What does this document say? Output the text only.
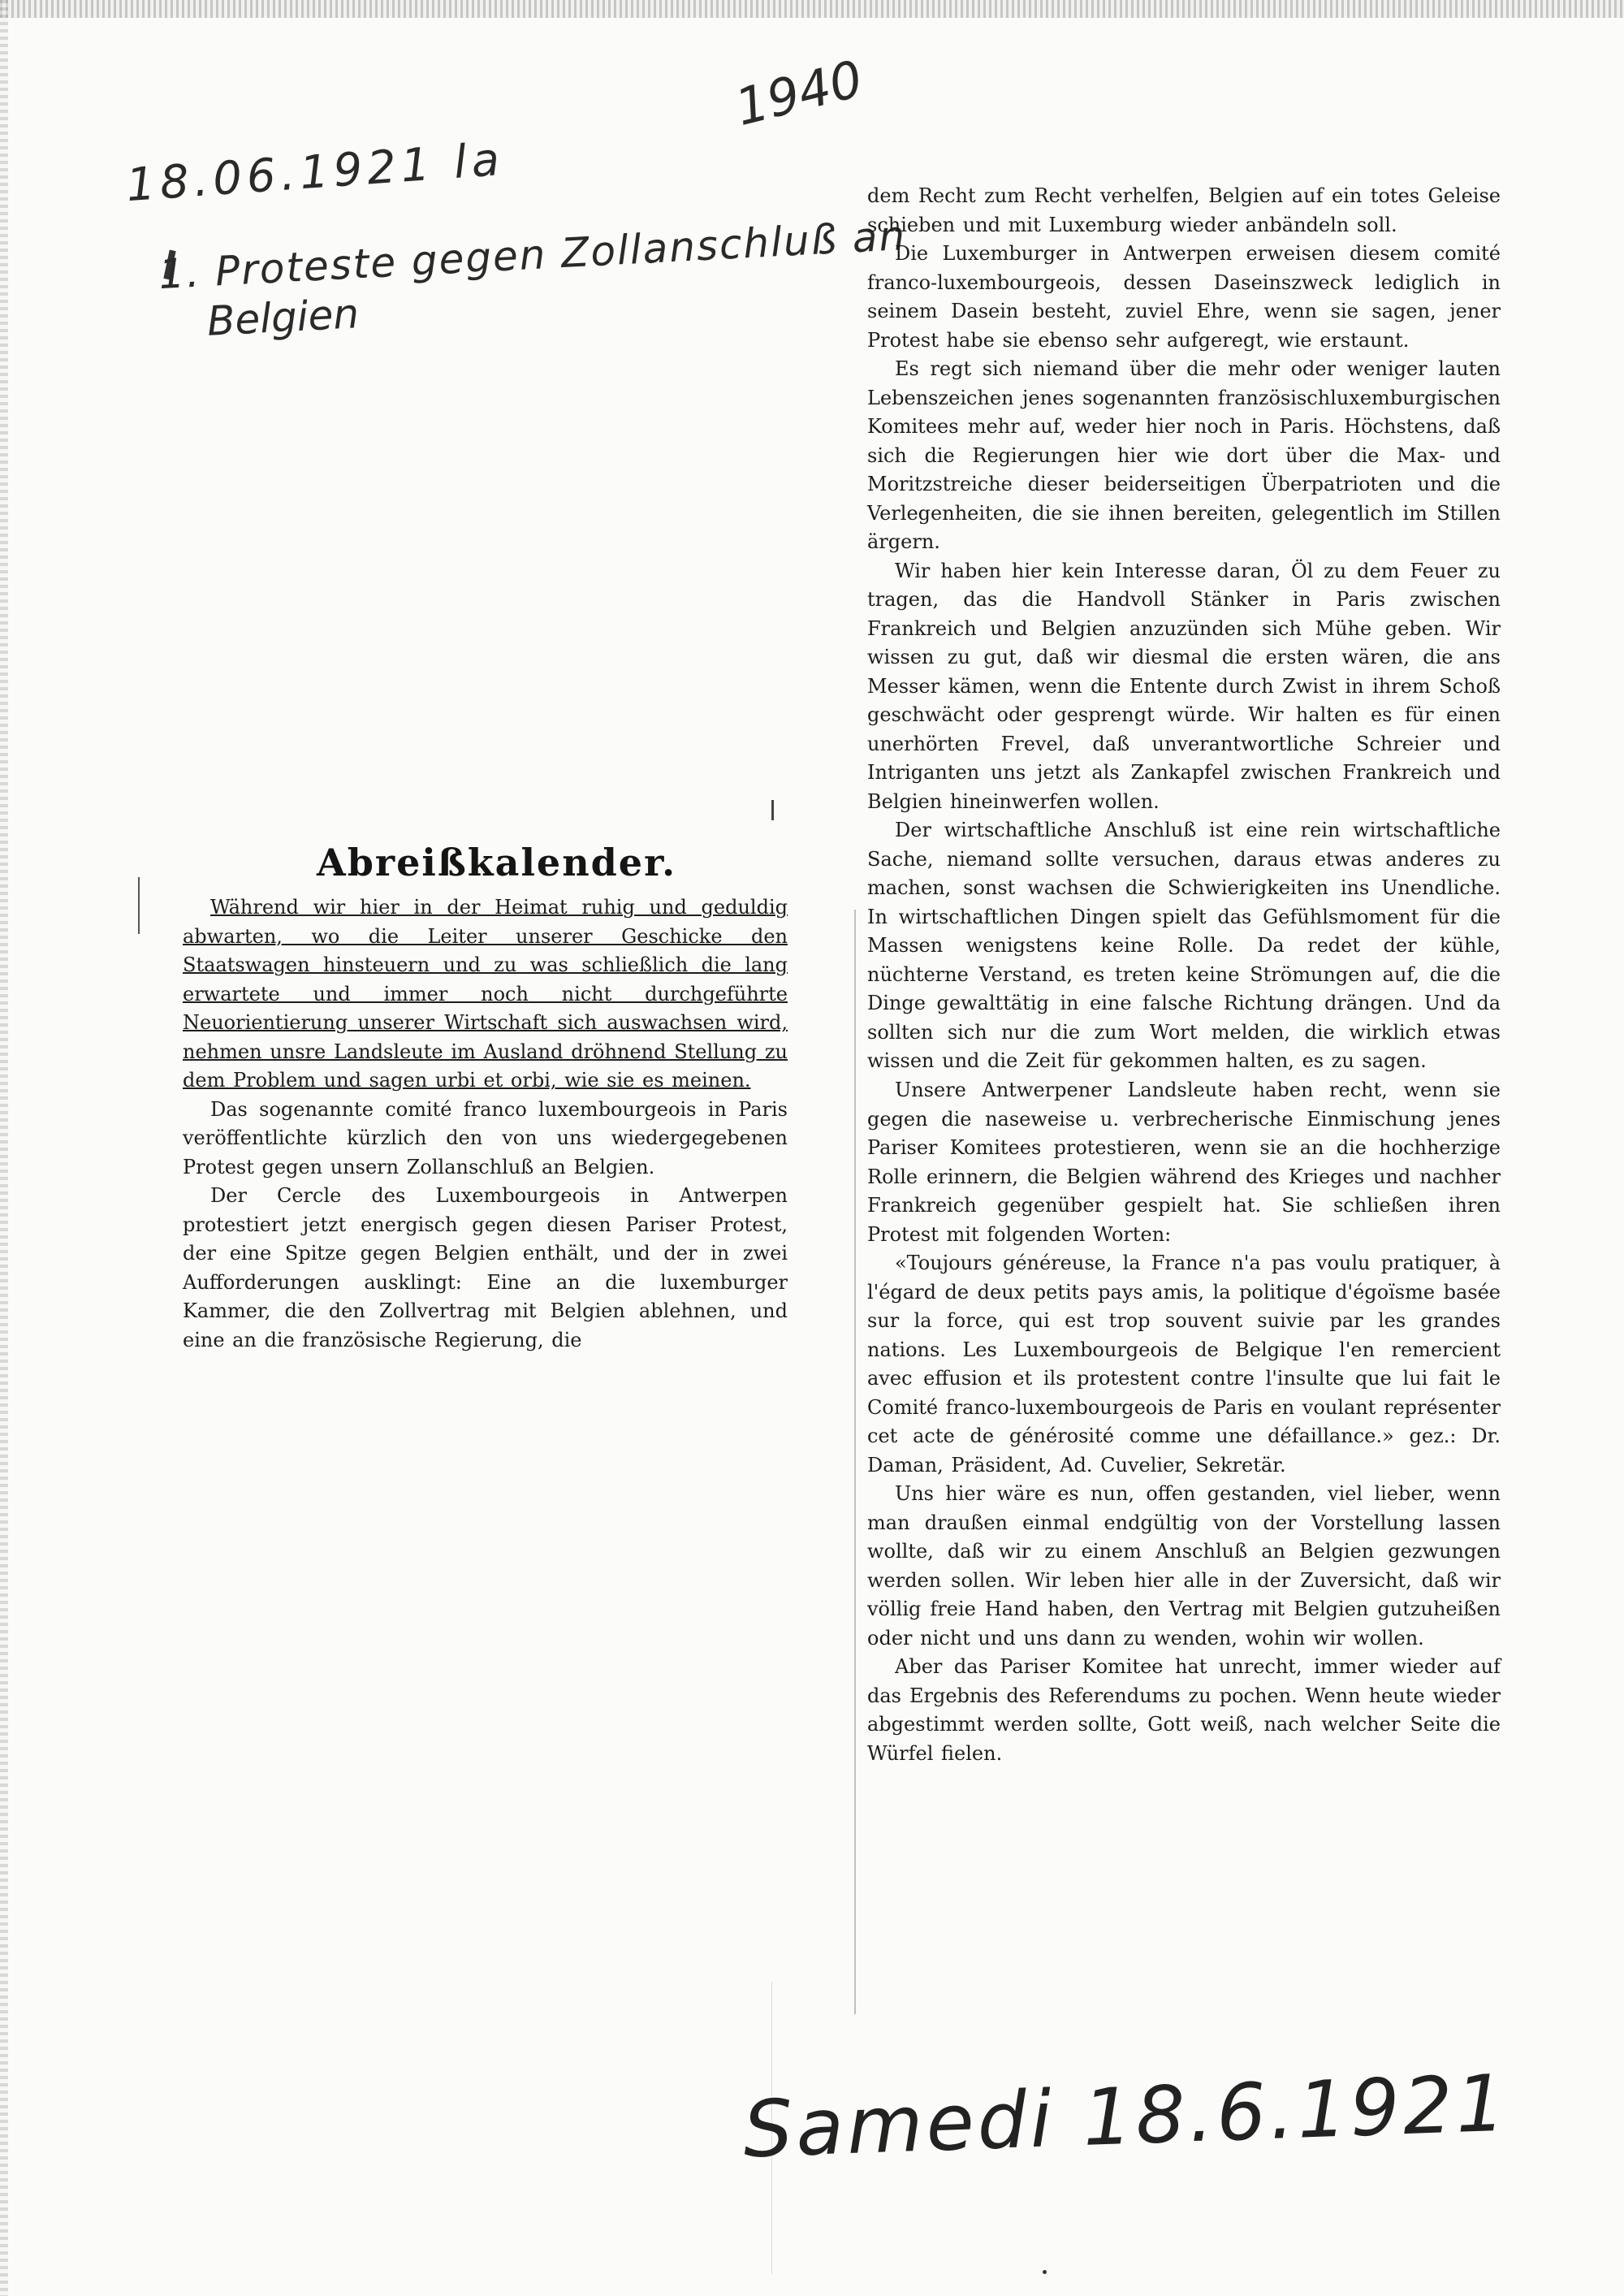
1940
18.06.1921 la
1. Proteste gegen Zollanschluß an
Belgien
Abreißkalender.

Während wir hier in der Heimat ruhig und geduldig abwarten, wo die Leiter unserer Geschicke den Staatswagen hinsteuern und zu was schließlich die lang erwartete und immer noch nicht durchgeführte Neuorientierung unserer Wirtschaft sich auswachsen wird, nehmen unsre Landsleute im Ausland dröhnend Stellung zu dem Problem und sagen urbi et orbi, wie sie es meinen.

Das sogenannte comité franco luxembourgeois in Paris veröffentlichte kürzlich den von uns wiedergegebenen Protest gegen unsern Zollanschluß an Belgien.

Der Cercle des Luxembourgeois in Antwerpen protestiert jetzt energisch gegen diesen Pariser Protest, der eine Spitze gegen Belgien enthält, und der in zwei Aufforderungen ausklingt: Eine an die luxemburger Kammer, die den Zollvertrag mit Belgien ablehnen, und eine an die französische Regierung, die

dem Recht zum Recht verhelfen, Belgien auf ein totes Geleise schieben und mit Luxemburg wieder anbändeln soll.

Die Luxemburger in Antwerpen erweisen diesem comité franco-luxembourgeois, dessen Daseinszweck lediglich in seinem Dasein besteht, zuviel Ehre, wenn sie sagen, jener Protest habe sie ebenso sehr aufgeregt, wie erstaunt.

Es regt sich niemand über die mehr oder weniger lauten Lebenszeichen jenes sogenannten französischluxemburgischen Komitees mehr auf, weder hier noch in Paris. Höchstens, daß sich die Regierungen hier wie dort über die Max- und Moritzstreiche dieser beiderseitigen Überpatrioten und die Verlegenheiten, die sie ihnen bereiten, gelegentlich im Stillen ärgern.

Wir haben hier kein Interesse daran, Öl zu dem Feuer zu tragen, das die Handvoll Stänker in Paris zwischen Frankreich und Belgien anzuzünden sich Mühe geben. Wir wissen zu gut, daß wir diesmal die ersten wären, die ans Messer kämen, wenn die Entente durch Zwist in ihrem Schoß geschwächt oder gesprengt würde. Wir halten es für einen unerhörten Frevel, daß unverantwortliche Schreier und Intriganten uns jetzt als Zankapfel zwischen Frankreich und Belgien hineinwerfen wollen.

Der wirtschaftliche Anschluß ist eine rein wirtschaftliche Sache, niemand sollte versuchen, daraus etwas anderes zu machen, sonst wachsen die Schwierigkeiten ins Unendliche. In wirtschaftlichen Dingen spielt das Gefühlsmoment für die Massen wenigstens keine Rolle. Da redet der kühle, nüchterne Verstand, es treten keine Strömungen auf, die die Dinge gewalttätig in eine falsche Richtung drängen. Und da sollten sich nur die zum Wort melden, die wirklich etwas wissen und die Zeit für gekommen halten, es zu sagen.

Unsere Antwerpener Landsleute haben recht, wenn sie gegen die naseweise u. verbrecherische Einmischung jenes Pariser Komitees protestieren, wenn sie an die hochherzige Rolle erinnern, die Belgien während des Krieges und nachher Frankreich gegenüber gespielt hat. Sie schließen ihren Protest mit folgenden Worten:

«Toujours généreuse, la France n'a pas voulu pratiquer, à l'égard de deux petits pays amis, la politique d'égoïsme basée sur la force, qui est trop souvent suivie par les grandes nations. Les Luxembourgeois de Belgique l'en remercient avec effusion et ils protestent contre l'insulte que lui fait le Comité franco-luxembourgeois de Paris en voulant représenter cet acte de générosité comme une défaillance.» gez.: Dr. Daman, Präsident, Ad. Cuvelier, Sekretär.

Uns hier wäre es nun, offen gestanden, viel lieber, wenn man draußen einmal endgültig von der Vorstellung lassen wollte, daß wir zu einem Anschluß an Belgien gezwungen werden sollen. Wir leben hier alle in der Zuversicht, daß wir völlig freie Hand haben, den Vertrag mit Belgien gutzuheißen oder nicht und uns dann zu wenden, wohin wir wollen.

Aber das Pariser Komitee hat unrecht, immer wieder auf das Ergebnis des Referendums zu pochen. Wenn heute wieder abgestimmt werden sollte, Gott weiß, nach welcher Seite die Würfel fielen.

Samedi 18.6.1921
